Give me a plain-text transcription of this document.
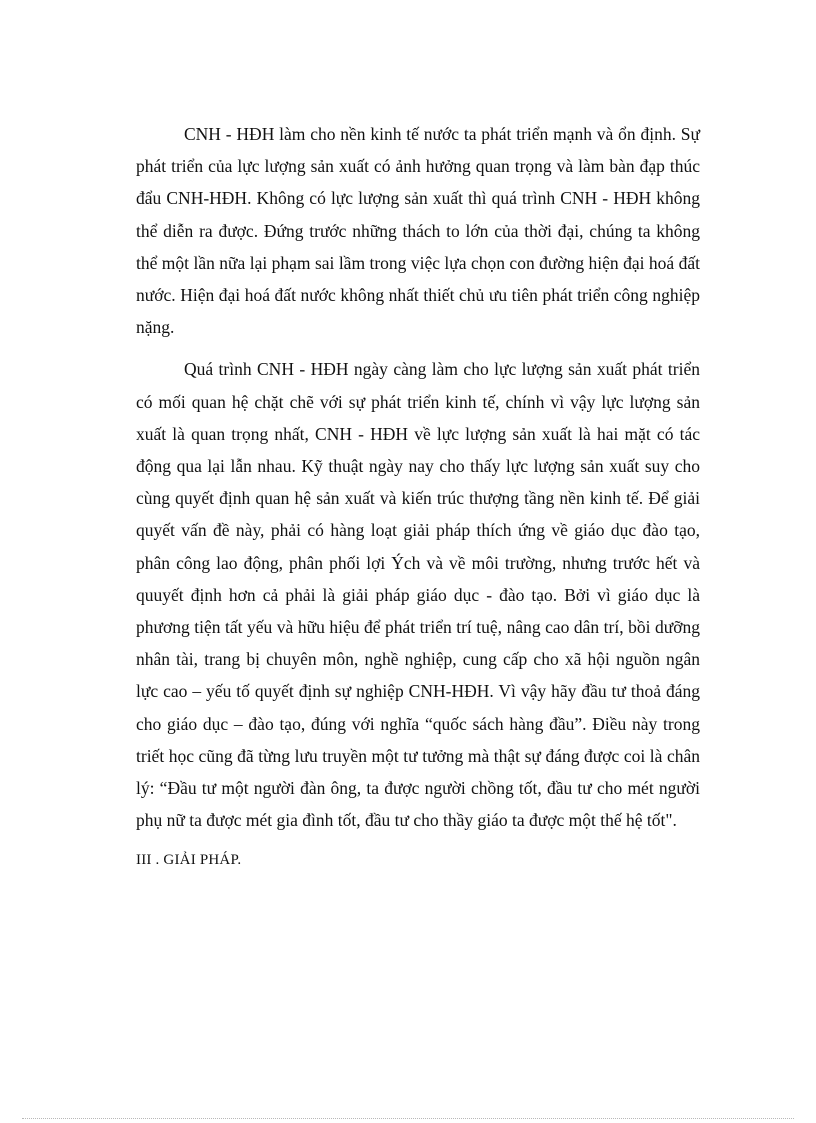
CNH - HĐH làm cho nền kinh tế nước ta phát triển mạnh và ổn định. Sự phát triển của lực lượng sản xuất có ảnh hưởng quan trọng và làm bàn đạp thúc đẩu CNH-HĐH. Không có lực lượng sản xuất thì quá trình CNH - HĐH không thể diễn ra được. Đứng trước những thách to lớn của thời đại, chúng ta không thể một lần nữa lại phạm sai lầm trong việc lựa chọn con đường hiện đại hoá đất nước. Hiện đại hoá đất nước không nhất thiết chủ ưu tiên phát triển công nghiệp nặng.

Quá trình CNH - HĐH ngày càng làm cho lực lượng sản xuất phát triển có mối quan hệ chặt chẽ với sự phát triển kinh tế, chính vì vậy lực lượng sản xuất là quan trọng nhất, CNH - HĐH về lực lượng sản xuất là hai mặt có tác động qua lại lẫn nhau. Kỹ thuật ngày nay cho thấy lực lượng sản xuất suy cho cùng quyết định quan hệ sản xuất và kiến trúc thượng tầng nền kinh tế. Để giải quyết vấn đề này, phải có hàng loạt giải pháp thích ứng về giáo dục đào tạo, phân công lao động, phân phối lợi Ých và về môi trường, nhưng trước hết và quuyết định hơn cả phải là giải pháp giáo dục - đào tạo. Bởi vì giáo dục là phương tiện tất yếu và hữu hiệu để phát triển trí tuệ, nâng cao dân trí, bồi dưỡng nhân tài, trang bị chuyên môn, nghề nghiệp, cung cấp cho xã hội nguồn ngân lực cao – yếu tố quyết định sự nghiệp CNH-HĐH. Vì vậy hãy đầu tư thoả đáng cho giáo dục – đào tạo, đúng với nghĩa “quốc sách hàng đầu”. Điều này trong triết học cũng đã từng lưu truyền một tư tưởng mà thật sự đáng được coi là chân lý: “Đầu tư một người đàn ông, ta được người chồng tốt, đầu tư cho mét người phụ nữ ta được mét gia đình tốt, đầu tư cho thầy giáo ta được một thế hệ tốt".

III . GIẢI PHÁP.
